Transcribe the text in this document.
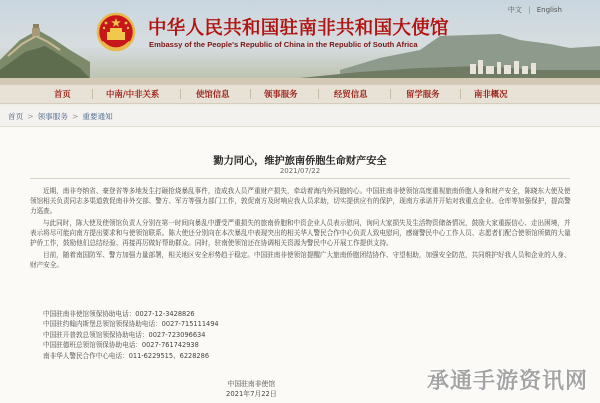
中华人民共和国驻南非共和国大使馆
Embassy of the People's Republic of China in the Republic of South Africa
中文 | English
首页	中南/中非关系	使馆信息	领事服务	经贸信息	留学服务	南非概况
首页 > 领事服务 > 重要通知
勠力同心，维护旅南侨胞生命财产安全
2021/07/22

近期，南非夸纳省、豪登省等多地发生打砸抢烧暴乱事件，造成我人员严重财产损失，牵动着海内外同胞的心。中国驻南非使领馆高度重视旅南侨胞人身和财产安全，陈晓东大使及使领馆相关负责同志多渠道敦促南非外交部、警方、军方等强力部门工作，敦促南方及时响应我人员求助，切实提供应有的保护，现南方承诺并开始对我重点企业、仓库等加强保护，提高警力巡查。

与此同时，陈大使及使领馆负责人分别在第一时间向暴乱中遭受严重损失的旅南侨胞和中资企业人员表示慰问，询问大家损失及生活物资储备情况，鼓励大家重振信心、走出困境，并表示将尽可能向南方提出要求和与使领馆联系。陈大使还分别向在本次暴乱中表现突出的相关华人警民合作中心负责人致电慰问，感谢警民中心工作人员、志愿者们配合使领馆所做的大量护侨工作，鼓励他们总结经验、再接再厉做好帮助群众。同时，驻南使领馆还在协调相关资源为警民中心开展工作提供支持。

目前，随着南国防军、警方加强力量部署，相关地区安全形势趋于稳定。中国驻南非使领馆提醒广大旅南侨胞团结协作、守望相助，加强安全防范，共同维护好我人员和企业的人身、财产安全。

中国驻南非使馆领保协助电话：0027-12-3428826
中国驻约翰内斯堡总领馆领保协助电话：0027-715111494
中国驻开普敦总领馆领保协助电话：0027-723096634
中国驻德班总领馆领保协助电话：0027-761742938
南非华人警民合作中心电话：011-6229515、6228286
中国驻南非使馆
2021年7月22日	承通手游资讯网
